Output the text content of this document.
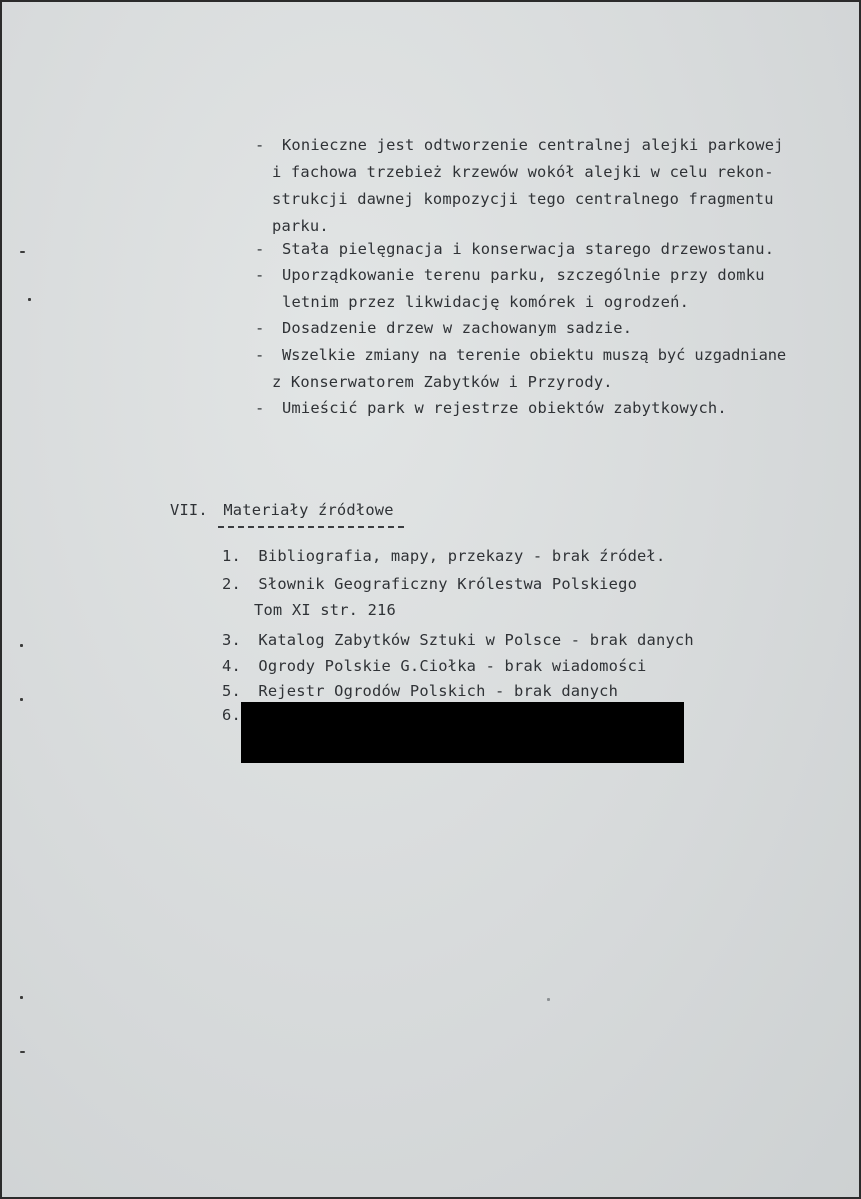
- Konieczne jest odtworzenie centralnej alejki parkowej
i fachowa trzebież krzewów wokół alejki w celu rekon-
strukcji dawnej kompozycji tego centralnego fragmentu
parku.
- Stała pielęgnacja i konserwacja starego drzewostanu.
- Uporządkowanie terenu parku, szczególnie przy domku
letnim przez likwidację komórek i ogrodzeń.
- Dosadzenie drzew w zachowanym sadzie.
- Wszelkie zmiany na terenie obiektu muszą być uzgadniane
z Konserwatorem Zabytków i Przyrody.
- Umieścić park w rejestrze obiektów zabytkowych.
VII. Materiały źródłowe
1. Bibliografia, mapy, przekazy - brak źródeł.
2. Słownik Geograficzny Królestwa Polskiego
Tom XI str. 216
3. Katalog Zabytków Sztuki w Polsce - brak danych
4. Ogrody Polskie G.Ciołka - brak wiadomości
5. Rejestr Ogrodów Polskich - brak danych
6.
